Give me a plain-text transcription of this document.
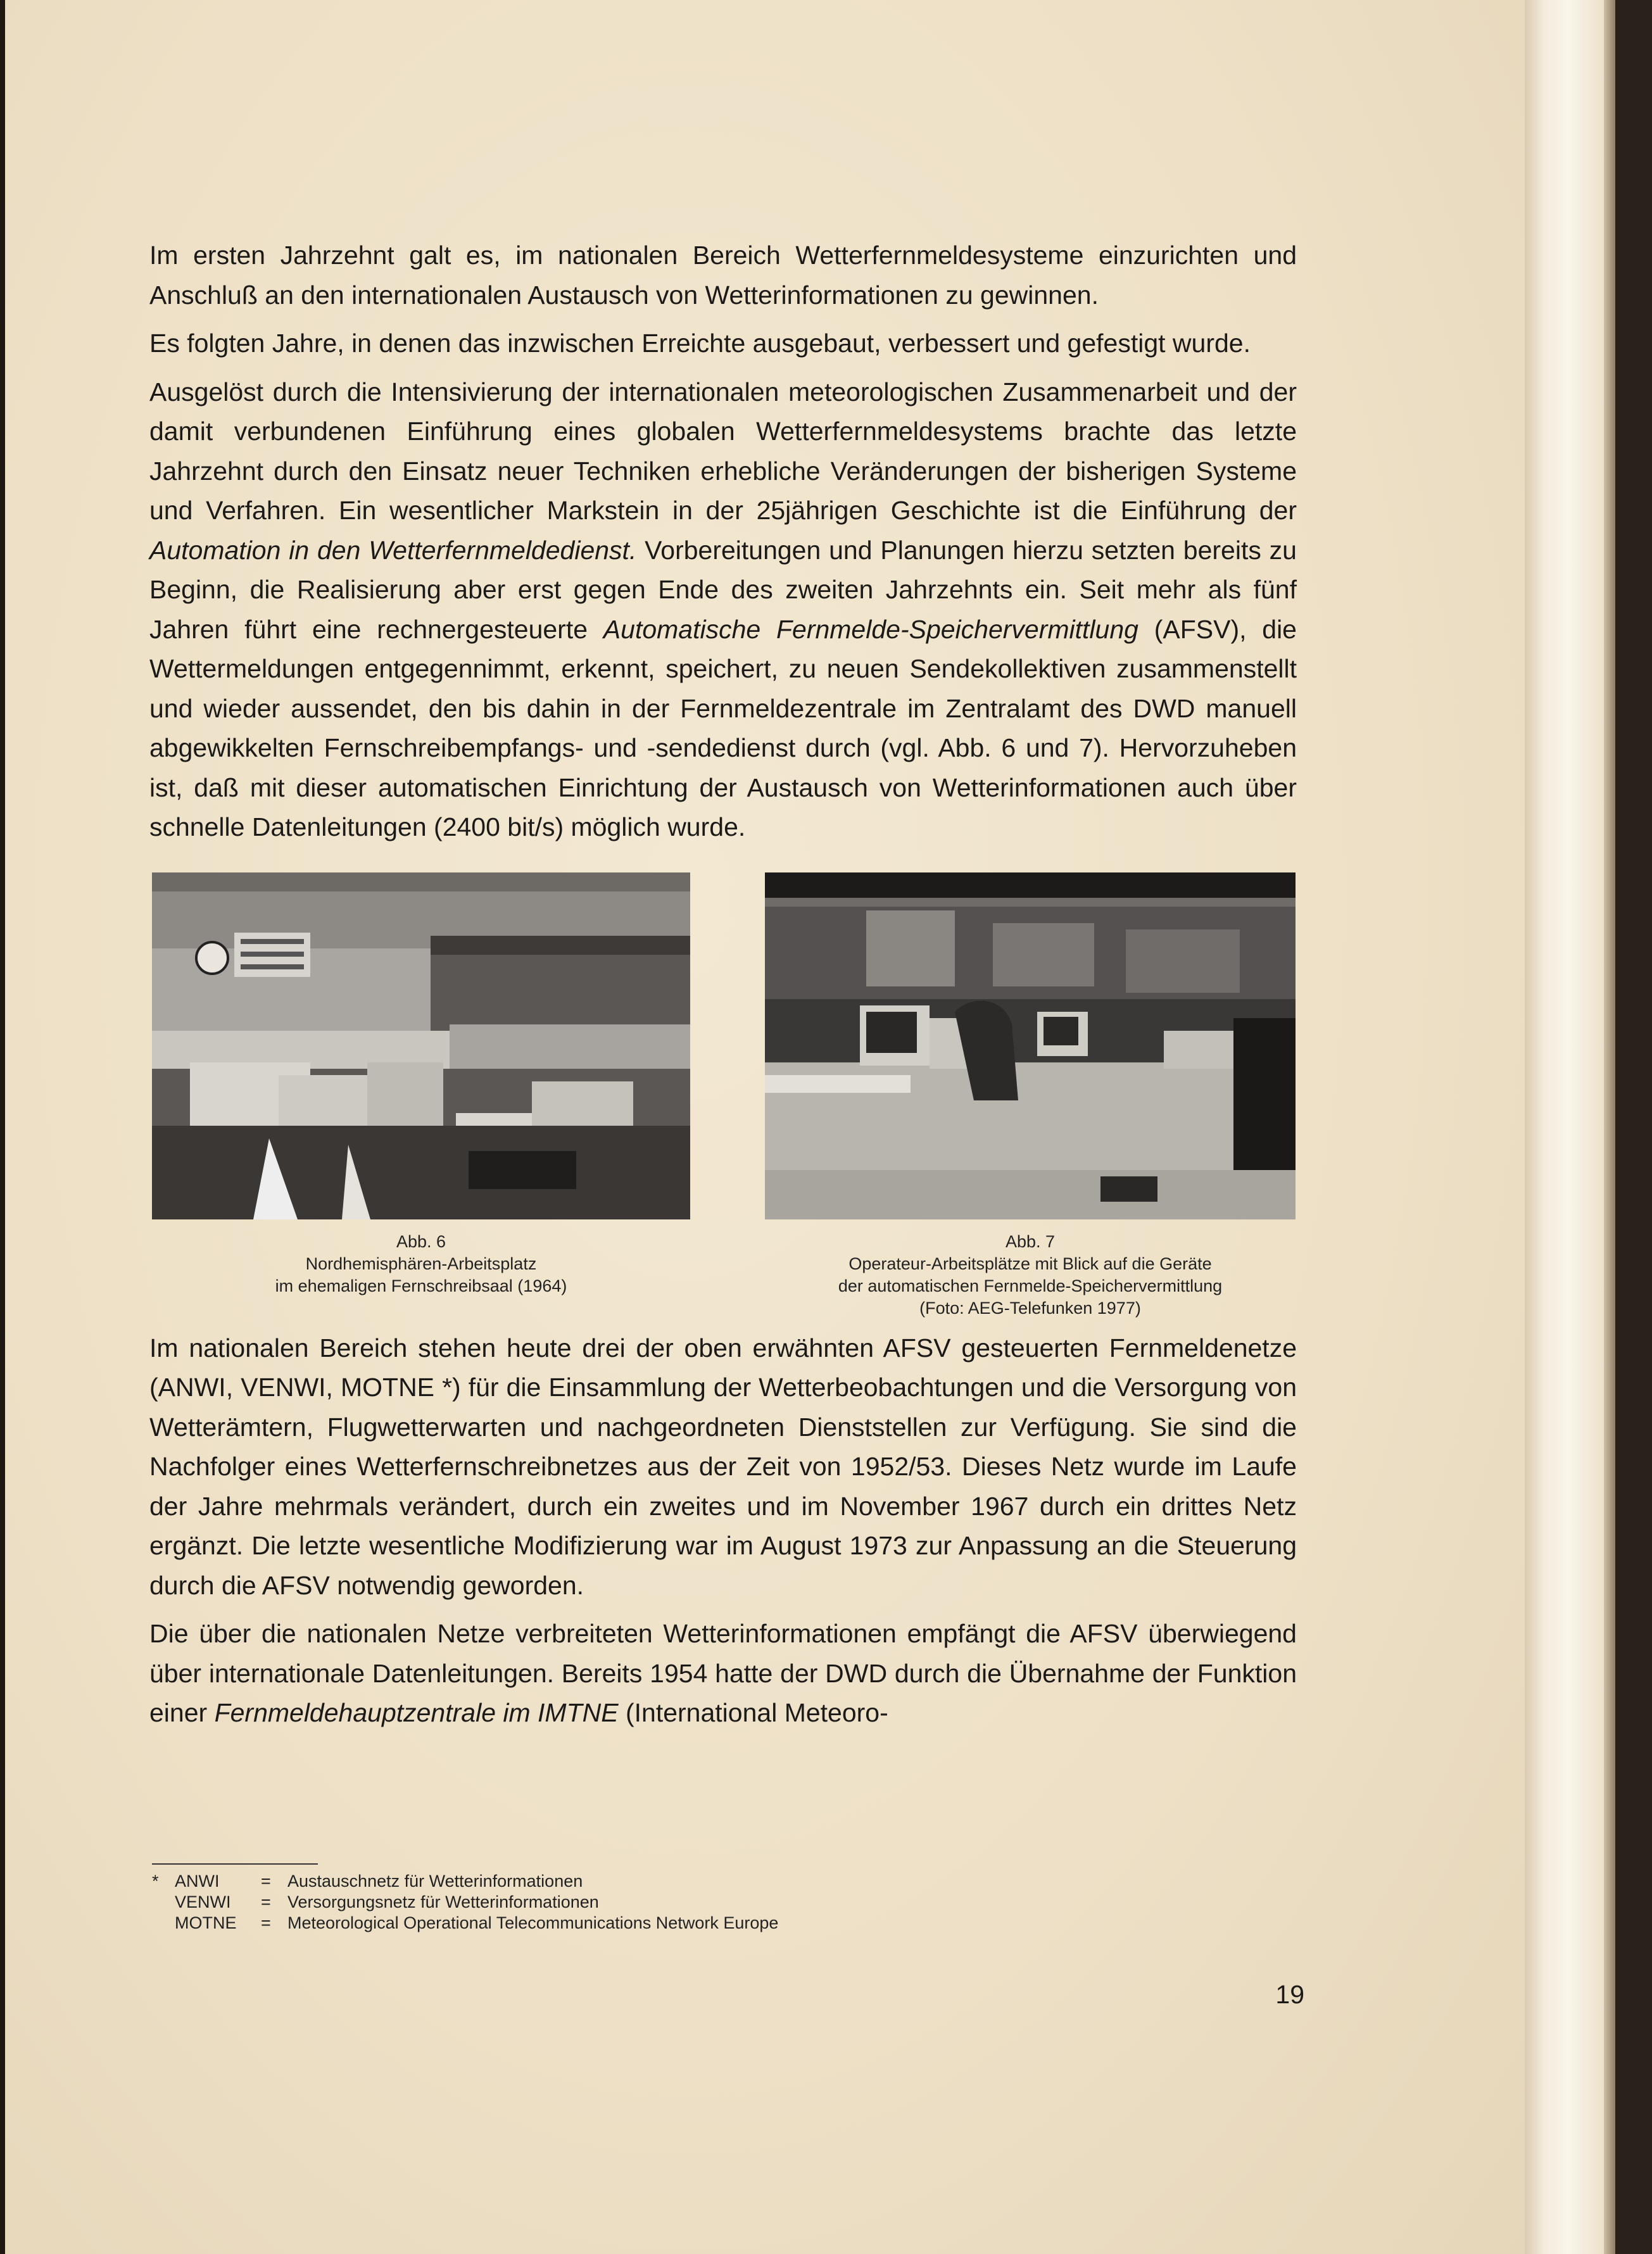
Im ersten Jahrzehnt galt es, im nationalen Bereich Wetterfernmeldesysteme einzurichten und Anschluß an den internationalen Austausch von Wetterinformationen zu gewinnen.

Es folgten Jahre, in denen das inzwischen Erreichte ausgebaut, verbessert und gefestigt wurde.

Ausgelöst durch die Intensivierung der internationalen meteorologischen Zusammenarbeit und der damit verbundenen Einführung eines globalen Wetterfernmeldesystems brachte das letzte Jahrzehnt durch den Einsatz neuer Techniken erhebliche Veränderungen der bisherigen Systeme und Verfahren. Ein wesentlicher Markstein in der 25jährigen Geschichte ist die Einführung der Automation in den Wetterfernmeldedienst. Vorbereitungen und Planungen hierzu setzten bereits zu Beginn, die Realisierung aber erst gegen Ende des zweiten Jahrzehnts ein. Seit mehr als fünf Jahren führt eine rechnergesteuerte Automatische Fernmelde-Speichervermittlung (AFSV), die Wettermeldungen entgegennimmt, erkennt, speichert, zu neuen Sendekollektiven zusammenstellt und wieder aussendet, den bis dahin in der Fernmeldezentrale im Zentralamt des DWD manuell abgewikkelten Fernschreibempfangs- und -sendedienst durch (vgl. Abb. 6 und 7). Hervorzuheben ist, daß mit dieser automatischen Einrichtung der Austausch von Wetterinformationen auch über schnelle Datenleitungen (2400 bit/s) möglich wurde.

Abb. 6
Nordhemisphären-Arbeitsplatz
im ehemaligen Fernschreibsaal (1964)
Abb. 7
Operateur-Arbeitsplätze mit Blick auf die Geräte
der automatischen Fernmelde-Speichervermittlung
(Foto: AEG-Telefunken 1977)

Im nationalen Bereich stehen heute drei der oben erwähnten AFSV gesteuerten Fernmeldenetze (ANWI, VENWI, MOTNE *) für die Einsammlung der Wetterbeobachtungen und die Versorgung von Wetterämtern, Flugwetterwarten und nachgeordneten Dienststellen zur Verfügung. Sie sind die Nachfolger eines Wetterfernschreibnetzes aus der Zeit von 1952/53. Dieses Netz wurde im Laufe der Jahre mehrmals verändert, durch ein zweites und im November 1967 durch ein drittes Netz ergänzt. Die letzte wesentliche Modifizierung war im August 1973 zur Anpassung an die Steuerung durch die AFSV notwendig geworden.

Die über die nationalen Netze verbreiteten Wetterinformationen empfängt die AFSV überwiegend über internationale Datenleitungen. Bereits 1954 hatte der DWD durch die Übernahme der Funktion einer Fernmeldehauptzentrale im IMTNE (International Meteoro-

* ANWI	= Austauschnetz für Wetterinformationen
VENWI	= Versorgungsnetz für Wetterinformationen
MOTNE	= Meteorological Operational Telecommunications Network Europe
19
